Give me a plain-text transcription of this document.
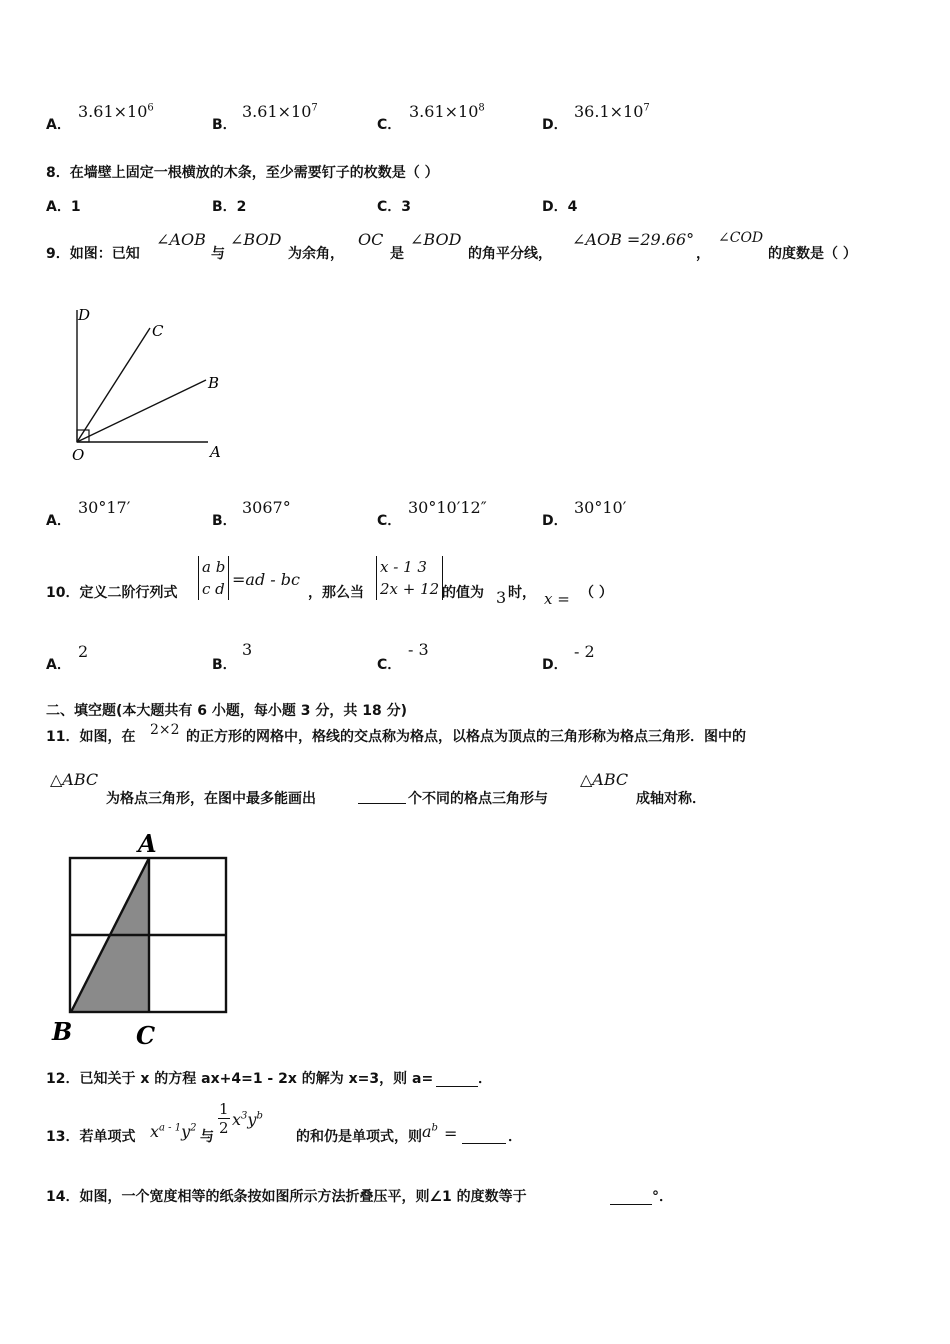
A．
$3.61\times 10^6$
B．
$3.61\times 10^7$
C．
$3.61\times 10^8$
D．
$36.1\times 10^7$
8．在墙壁上固定一根横放的木条，至少需要钉子的枚数是（ ）
A．1	B．2	C．3	D．4
9．如图：已知
∠AOB
与
∠BOD
为余角，
OC
是
∠BOD
的角平分线，
∠AOB =29.66°
，
∠COD
的度数是（ ）
D
C
B
O	A
A．
30°17′
B．
3067°
C．
30°10′12″
D．
30°10′
10．定义二阶行列式
a b
c d =ad - bc
，那么当
x - 1 3
2x + 12 的值为 3 时， x = （ ）
A．
2
B．
3
C．
- 3
D．
- 2
二、填空题(本大题共有 6 小题，每小题 3 分，共 18 分)
11．如图，在 2×2 的正方形的网格中，格线的交点称为格点，以格点为顶点的三角形称为格点三角形．图中的
△ABC
为格点三角形，在图中最多能画出	个不同的格点三角形与
△ABC
成轴对称．
A
B	C
12．已知关于 x 的方程 ax+4=1 - 2x 的解为 x=3，则 a=	．
13．若单项式 $x^{a - 1}y^2$
与 $\frac{1}{2} x^3y^b$
的和仍是单项式，则 $a^b$ =	．
14．如图，一个宽度相等的纸条按如图所示方法折叠压平，则∠1 的度数等于	°．
